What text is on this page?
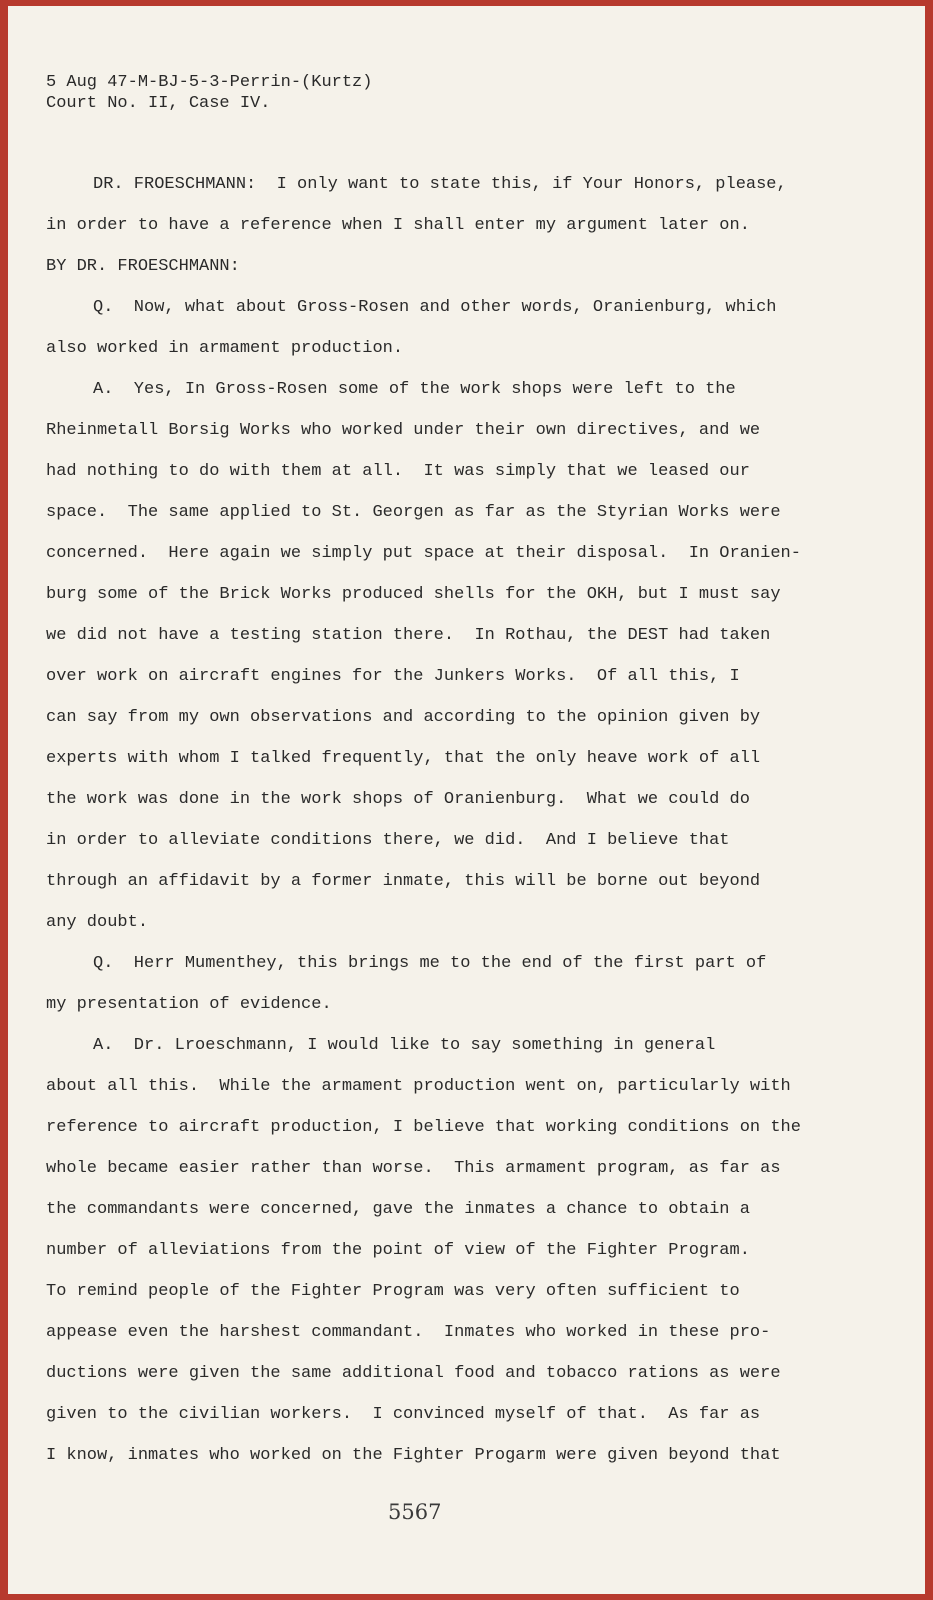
5 Aug 47-M-BJ-5-3-Perrin-(Kurtz)
Court No. II, Case IV.
DR. FROESCHMANN:  I only want to state this, if Your Honors, please,
in order to have a reference when I shall enter my argument later on.
BY DR. FROESCHMANN:
Q.  Now, what about Gross-Rosen and other words, Oranienburg, which
also worked in armament production.
A.  Yes, In Gross-Rosen some of the work shops were left to the
Rheinmetall Borsig Works who worked under their own directives, and we
had nothing to do with them at all.  It was simply that we leased our
space.  The same applied to St. Georgen as far as the Styrian Works were
concerned.  Here again we simply put space at their disposal.  In Oranien-
burg some of the Brick Works produced shells for the OKH, but I must say
we did not have a testing station there.  In Rothau, the DEST had taken
over work on aircraft engines for the Junkers Works.  Of all this, I
can say from my own observations and according to the opinion given by
experts with whom I talked frequently, that the only heave work of all
the work was done in the work shops of Oranienburg.  What we could do
in order to alleviate conditions there, we did.  And I believe that
through an affidavit by a former inmate, this will be borne out beyond
any doubt.
Q.  Herr Mumenthey, this brings me to the end of the first part of
my presentation of evidence.
A.  Dr. Lroeschmann, I would like to say something in general
about all this.  While the armament production went on, particularly with
reference to aircraft production, I believe that working conditions on the
whole became easier rather than worse.  This armament program, as far as
the commandants were concerned, gave the inmates a chance to obtain a
number of alleviations from the point of view of the Fighter Program.
To remind people of the Fighter Program was very often sufficient to
appease even the harshest commandant.  Inmates who worked in these pro-
ductions were given the same additional food and tobacco rations as were
given to the civilian workers.  I convinced myself of that.  As far as
I know, inmates who worked on the Fighter Progarm were given beyond that
5567
